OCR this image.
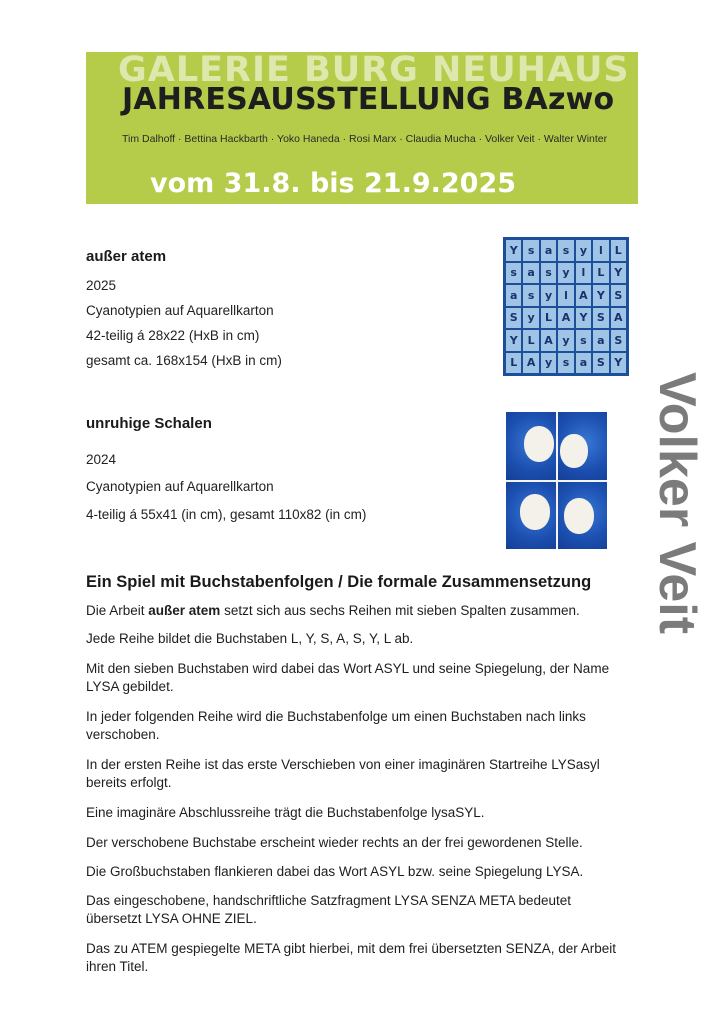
GALERIE BURG NEUHAUS
JAHRESAUSSTELLUNG BAzwo
Tim Dalhoff · Bettina Hackbarth · Yoko Haneda · Rosi Marx · Claudia Mucha · Volker Veit · Walter Winter
vom 31.8. bis 21.9.2025
außer atem
2025
Cyanotypien auf Aquarellkarton
42-teilig á 28x22 (HxB in cm)
gesamt ca. 168x154 (HxB in cm)
Y s a s y	l	L
s a s y	l	L Y
a s y	l	A Y S
S y L A Y S A
Y L A y s a S
L A y s a S Y
unruhige Schalen
2024
Cyanotypien auf Aquarellkarton
4-teilig á 55x41 (in cm), gesamt 110x82 (in cm)	Volker Veit
Ein Spiel mit Buchstabenfolgen / Die formale Zusammensetzung
Die Arbeit außer atem setzt sich aus sechs Reihen mit sieben Spalten zusammen.
Jede Reihe bildet die Buchstaben L, Y, S, A, S, Y, L ab.
Mit den sieben Buchstaben wird dabei das Wort ASYL und seine Spiegelung, der Name LYSA gebildet.
In jeder folgenden Reihe wird die Buchstabenfolge um einen Buchstaben nach links verschoben.
In der ersten Reihe ist das erste Verschieben von einer imaginären Startreihe LYSasyl bereits erfolgt.
Eine imaginäre Abschlussreihe trägt die Buchstabenfolge lysaSYL.
Der verschobene Buchstabe erscheint wieder rechts an der frei gewordenen Stelle.
Die Großbuchstaben flankieren dabei das Wort ASYL bzw. seine Spiegelung LYSA.
Das eingeschobene, handschriftliche Satzfragment LYSA SENZA META bedeutet übersetzt LYSA OHNE ZIEL.
Das zu ATEM gespiegelte META gibt hierbei, mit dem frei übersetzten SENZA, der Arbeit ihren Titel.
